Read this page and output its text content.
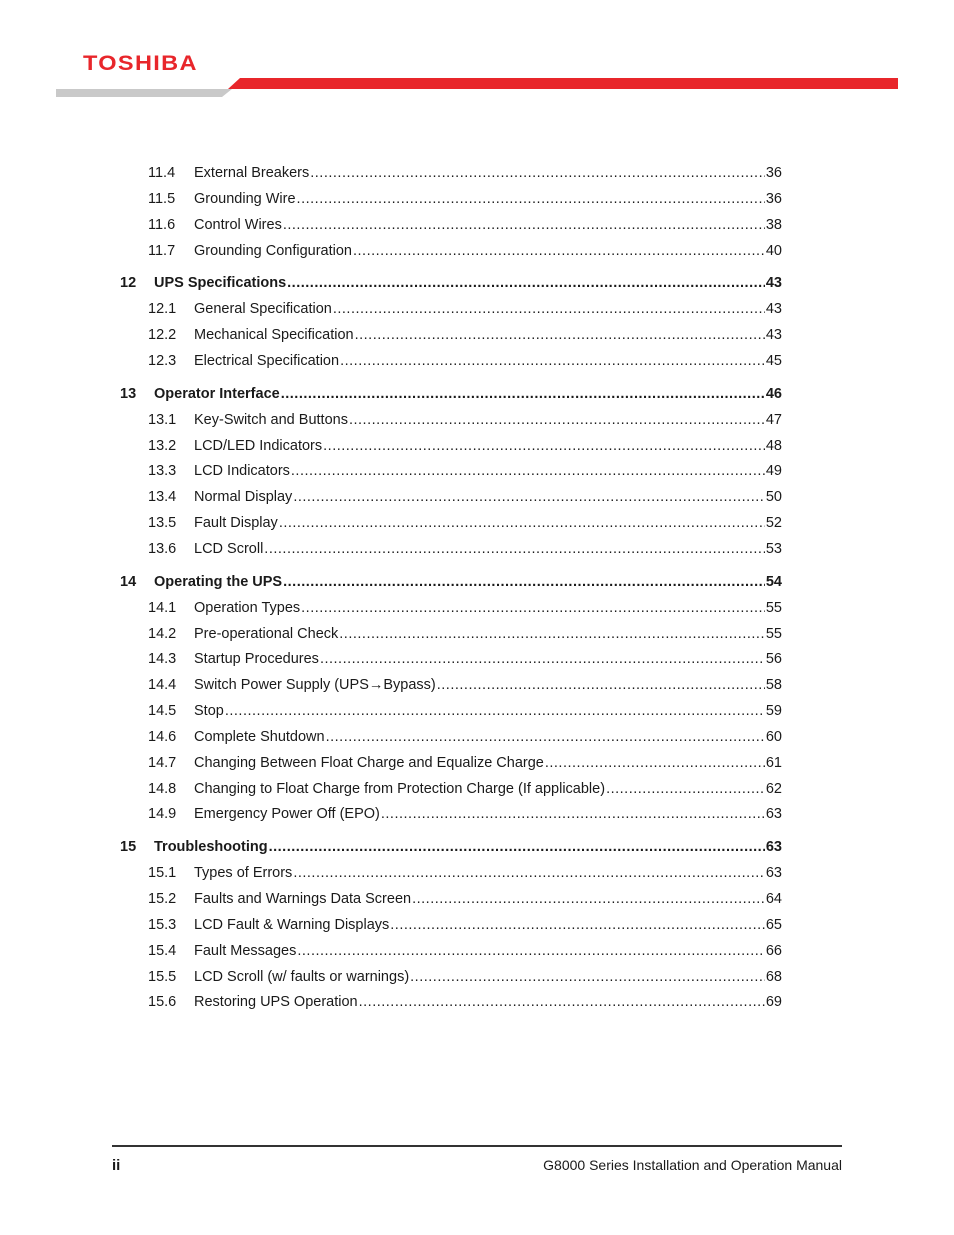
TOSHIBA
11.4	External Breakers .....	36
11.5	Grounding Wire .....	36
11.6	Control Wires .....	38
11.7	Grounding Configuration .....	40
12	UPS Specifications .....	43
12.1	General Specification .....	43
12.2	Mechanical Specification .....	43
12.3	Electrical Specification .....	45
13	Operator Interface .....	46
13.1	Key-Switch and Buttons .....	47
13.2	LCD/LED Indicators .....	48
13.3	LCD Indicators .....	49
13.4	Normal Display .....	50
13.5	Fault Display .....	52
13.6	LCD Scroll .....	53
14	Operating the UPS .....	54
14.1	Operation Types .....	55
14.2	Pre-operational Check .....	55
14.3	Startup Procedures .....	56
14.4	Switch Power Supply (UPS→Bypass) .....	58
14.5	Stop .....	59
14.6	Complete Shutdown .....	60
14.7	Changing Between Float Charge and Equalize Charge .....	61
14.8	Changing to Float Charge from Protection Charge (If applicable) .....	62
14.9	Emergency Power Off (EPO) .....	63
15	Troubleshooting .....	63
15.1	Types of Errors .....	63
15.2	Faults and Warnings Data Screen .....	64
15.3	LCD Fault & Warning Displays .....	65
15.4	Fault Messages .....	66
15.5	LCD Scroll (w/ faults or warnings) .....	68
15.6	Restoring UPS Operation .....	69
ii	G8000 Series Installation and Operation Manual
